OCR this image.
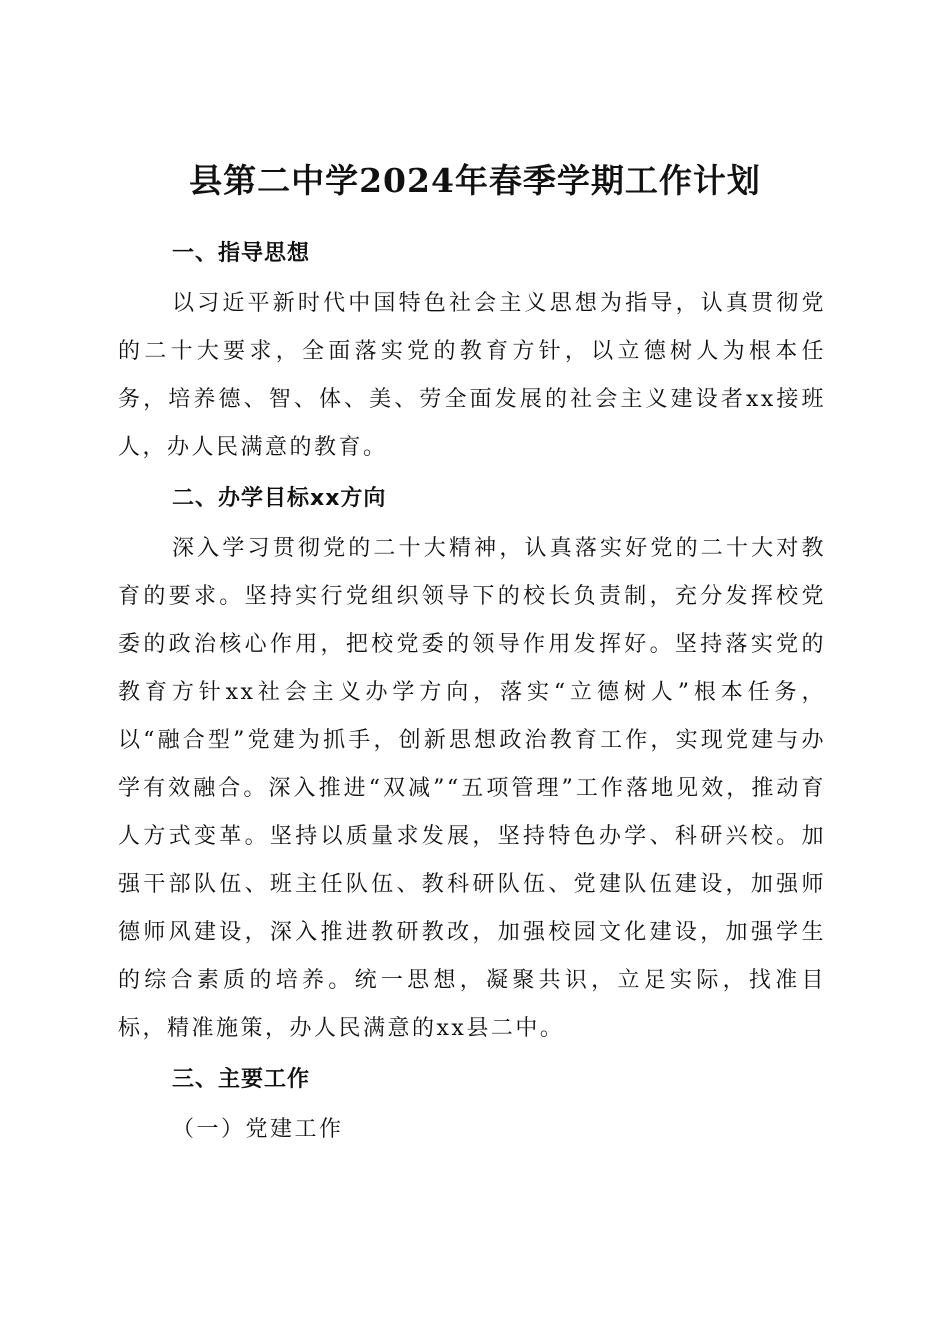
县第二中学2024年春季学期工作计划
一、指导思想

以习近平新时代中国特色社会主义思想为指导，认真贯彻党的二十大要求，全面落实党的教育方针，以立德树人为根本任务，培养德、智、体、美、劳全面发展的社会主义建设者xx接班人，办人民满意的教育。

二、办学目标xx方向

深入学习贯彻党的二十大精神，认真落实好党的二十大对教育的要求。坚持实行党组织领导下的校长负责制，充分发挥校党委的政治核心作用，把校党委的领导作用发挥好。坚持落实党的教育方针xx社会主义办学方向，落实“立德树人”根本任务，以“融合型”党建为抓手，创新思想政治教育工作，实现党建与办学有效融合。深入推进“双减”“五项管理”工作落地见效，推动育人方式变革。坚持以质量求发展，坚持特色办学、科研兴校。加强干部队伍、班主任队伍、教科研队伍、党建队伍建设，加强师德师风建设，深入推进教研教改，加强校园文化建设，加强学生的综合素质的培养。统一思想，凝聚共识，立足实际，找准目标，精准施策，办人民满意的xx县二中。

三、主要工作

（一）党建工作
